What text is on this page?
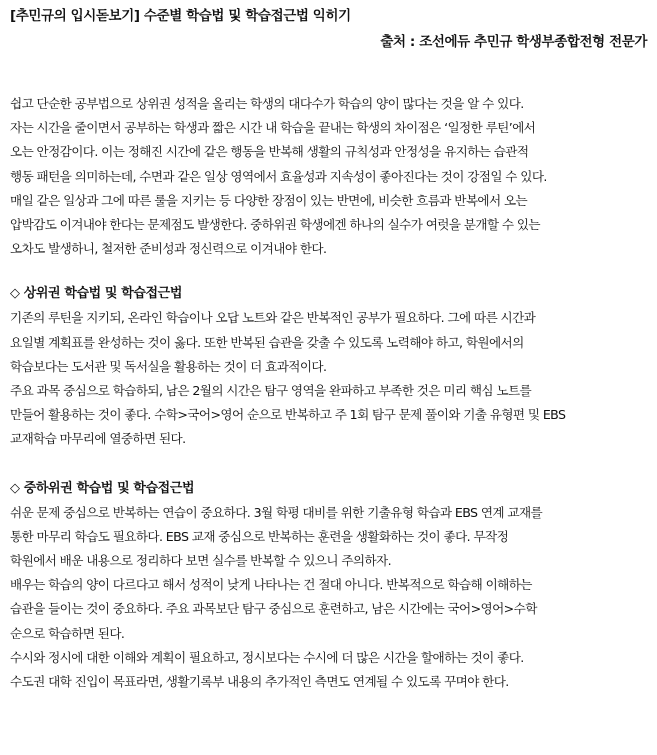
[추민규의 입시돋보기] 수준별 학습법 및 학습접근법 익히기
출처 : 조선에듀 추민규 학생부종합전형 전문가
쉽고 단순한 공부법으로 상위권 성적을 올리는 학생의 대다수가 학습의 양이 많다는 것을 알 수 있다.
자는 시간을 줄이면서 공부하는 학생과 짧은 시간 내 학습을 끝내는 학생의 차이점은 ‘일정한 루틴’에서
오는 안정감이다. 이는 정해진 시간에 같은 행동을 반복해 생활의 규칙성과 안정성을 유지하는 습관적
행동 패턴을 의미하는데, 수면과 같은 일상 영역에서 효율성과 지속성이 좋아진다는 것이 강점일 수 있다.
매일 같은 일상과 그에 따른 룰을 지키는 등 다양한 장점이 있는 반면에, 비슷한 흐름과 반복에서 오는
압박감도 이겨내야 한다는 문제점도 발생한다. 중하위권 학생에겐 하나의 실수가 여럿을 분개할 수 있는
오차도 발생하니, 철저한 준비성과 정신력으로 이겨내야 한다.
◇ 상위권 학습법 및 학습접근법
기존의 루틴을 지키되, 온라인 학습이나 오답 노트와 같은 반복적인 공부가 필요하다. 그에 따른 시간과
요일별 계획표를 완성하는 것이 옳다. 또한 반복된 습관을 갖출 수 있도록 노력해야 하고, 학원에서의
학습보다는 도서관 및 독서실을 활용하는 것이 더 효과적이다.
주요 과목 중심으로 학습하되, 남은 2월의 시간은 탐구 영역을 완파하고 부족한 것은 미리 핵심 노트를
만들어 활용하는 것이 좋다. 수학>국어>영어 순으로 반복하고 주 1회 탐구 문제 풀이와 기출 유형편 및 EBS
교재학습 마무리에 열중하면 된다.
◇ 중하위권 학습법 및 학습접근법
쉬운 문제 중심으로 반복하는 연습이 중요하다. 3월 학평 대비를 위한 기출유형 학습과 EBS 연계 교재를
통한 마무리 학습도 필요하다. EBS 교재 중심으로 반복하는 훈련을 생활화하는 것이 좋다. 무작정
학원에서 배운 내용으로 정리하다 보면 실수를 반복할 수 있으니 주의하자.
배우는 학습의 양이 다르다고 해서 성적이 낮게 나타나는 건 절대 아니다. 반복적으로 학습해 이해하는
습관을 들이는 것이 중요하다. 주요 과목보단 탐구 중심으로 훈련하고, 남은 시간에는 국어>영어>수학
순으로 학습하면 된다.
수시와 정시에 대한 이해와 계획이 필요하고, 정시보다는 수시에 더 많은 시간을 할애하는 것이 좋다.
수도권 대학 진입이 목표라면, 생활기록부 내용의 추가적인 측면도 연계될 수 있도록 꾸며야 한다.
